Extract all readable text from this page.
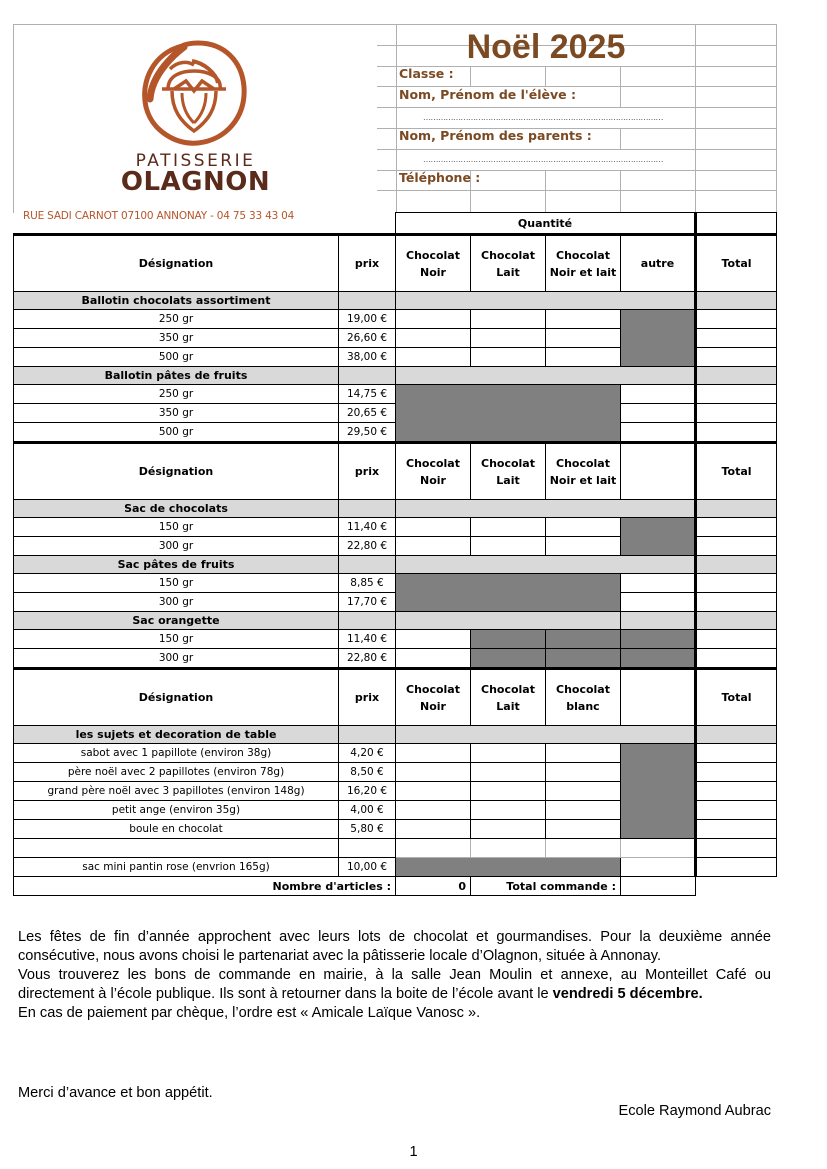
PATISSERIE
OLAGNON
RUE SADI CARNOT 07100 ANNONAY - 04 75 33 43 04
Noël 2025
Classe :
Nom, Prénom de l'élève :
……………………………………………………………………………………
Nom, Prénom des parents :
……………………………………………………………………………………
Téléphone :
		Quantité				
Désignation	prix	Chocolat Noir	Chocolat Lait	Chocolat Noir et lait	autre	Total
Ballotin chocolats assortiment						
250 gr	19,00 €					
350 gr	26,60 €					
500 gr	38,00 €					
Ballotin pâtes de fruits						
250 gr	14,75 €					
350 gr	20,65 €					
500 gr	29,50 €					
Désignation	prix	Chocolat Noir	Chocolat Lait	Chocolat Noir et lait		Total
Sac de chocolats						
150 gr	11,40 €					
300 gr	22,80 €					
Sac pâtes de fruits						
150 gr	8,85 €					
300 gr	17,70 €					
Sac orangette						
150 gr	11,40 €					
300 gr	22,80 €					
Désignation	prix	Chocolat Noir	Chocolat Lait	Chocolat blanc		Total
les sujets et decoration de table						
sabot avec 1 papillote (environ 38g)	4,20 €					
père noël avec 2 papillotes (environ 78g)	8,50 €					
grand père noël avec 3 papillotes (environ 148g)	16,20 €					
petit ange (environ 35g)	4,00 €					
boule en chocolat	5,80 €					

sac mini pantin rose (envrion 165g)	10,00 €					
Nombre d'articles :		0	Total commande :			
Les fêtes de fin d’année approchent avec leurs lots de chocolat et gourmandises. Pour la deuxième année consécutive, nous avons choisi le partenariat avec la pâtisserie locale d’Olagnon, située à Annonay.
Vous trouverez les bons de commande en mairie, à la salle Jean Moulin et annexe, au Monteillet Café ou directement à l’école publique. Ils sont à retourner dans la boite de l’école avant le vendredi 5 décembre.
En cas de paiement par chèque, l’ordre est « Amicale Laïque Vanosc ».
Merci d’avance et bon appétit.
Ecole Raymond Aubrac
1
